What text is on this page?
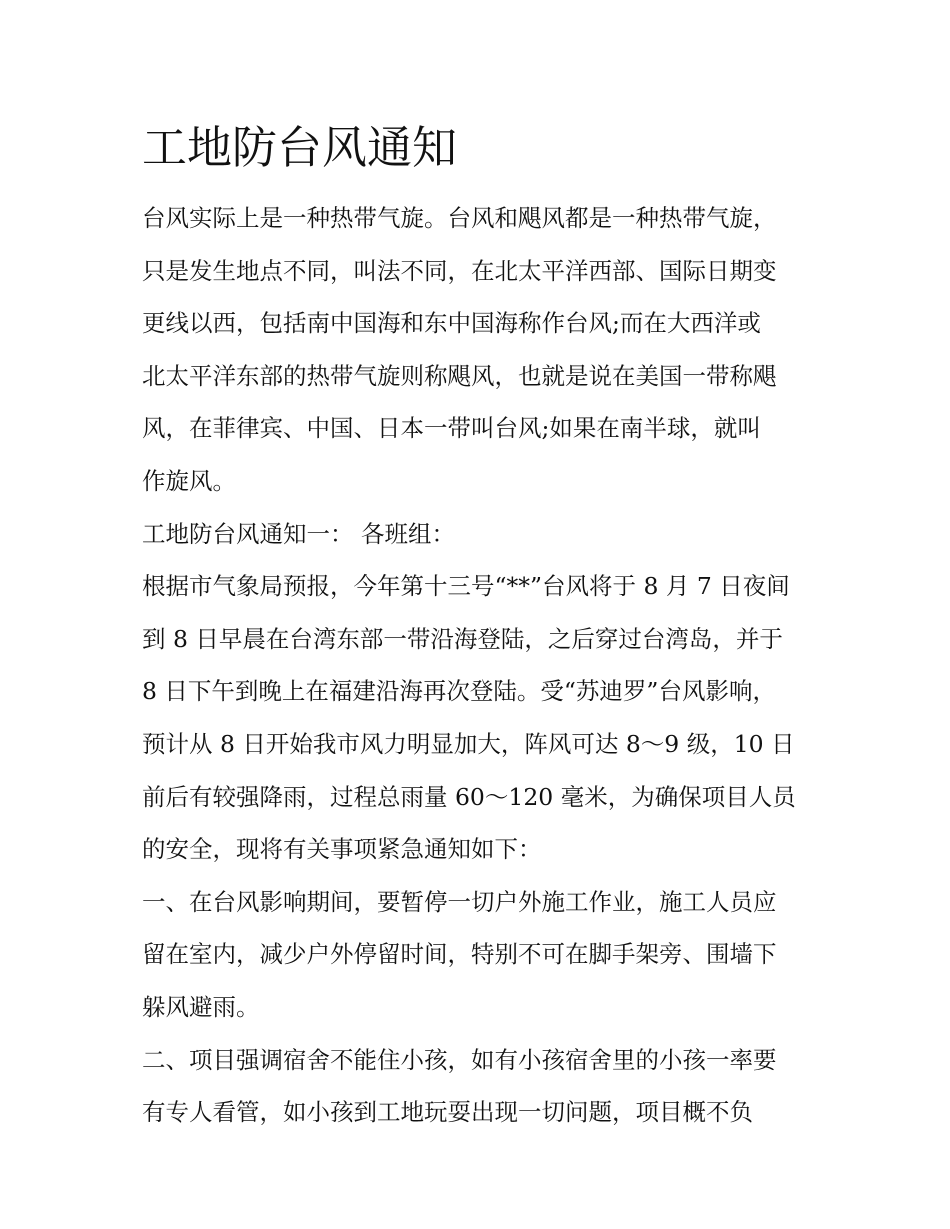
工地防台风通知
台风实际上是一种热带气旋。台风和飓风都是一种热带气旋，
只是发生地点不同，叫法不同，在北太平洋西部、国际日期变
更线以西，包括南中国海和东中国海称作台风;而在大西洋或
北太平洋东部的热带气旋则称飓风，也就是说在美国一带称飓
风，在菲律宾、中国、日本一带叫台风;如果在南半球，就叫
作旋风。
工地防台风通知一： 各班组：
根据市气象局预报，今年第十三号“**”台风将于 8 月 7 日夜间
到 8 日早晨在台湾东部一带沿海登陆，之后穿过台湾岛，并于
8 日下午到晚上在福建沿海再次登陆。受“苏迪罗”台风影响，
预计从 8 日开始我市风力明显加大，阵风可达 8～9 级，10 日
前后有较强降雨，过程总雨量 60～120 毫米，为确保项目人员
的安全，现将有关事项紧急通知如下：
一、在台风影响期间，要暂停一切户外施工作业，施工人员应
留在室内，减少户外停留时间，特别不可在脚手架旁、围墙下
躲风避雨。
二、项目强调宿舍不能住小孩，如有小孩宿舍里的小孩一率要
有专人看管，如小孩到工地玩耍出现一切问题，项目概不负
